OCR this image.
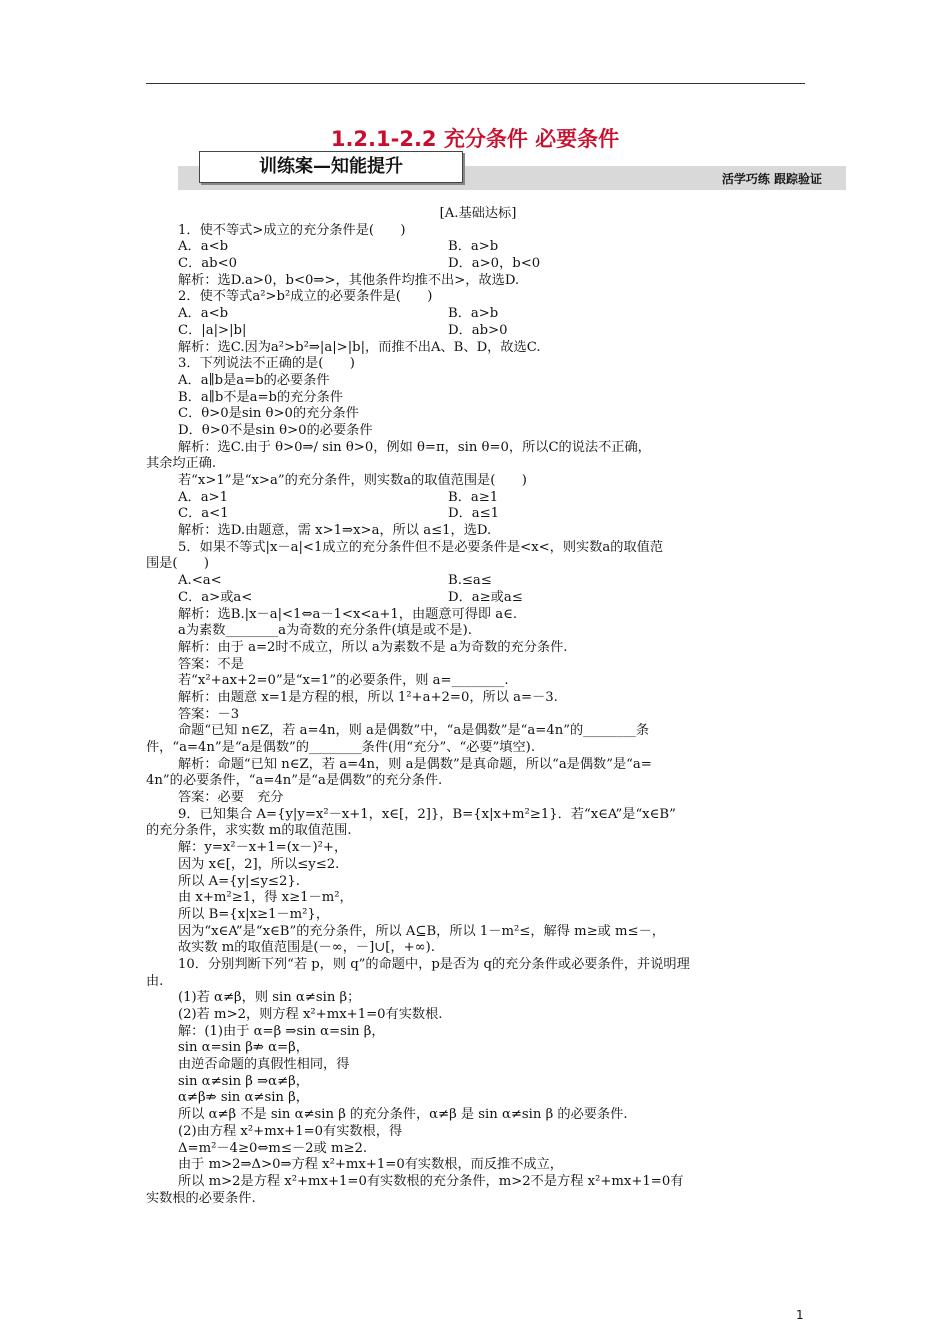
1.2.1-2.2 充分条件 必要条件
活学巧练 跟踪验证
训练案—知能提升
[A.基础达标]
1．使不等式>成立的充分条件是(　　)
A．a<b	B．a>b
C．ab<0	D．a>0，b<0
解析：选D.a>0，b<0⇒>，其他条件均推不出>，故选D.
2．使不等式a²>b²成立的必要条件是(　　)
A．a<b	B．a>b
C．|a|>|b|	D．ab>0
解析：选C.因为a²>b²⇒|a|>|b|，而推不出A、B、D，故选C.
3．下列说法不正确的是(　　)
A．a∥b是a=b的必要条件
B．a∥b不是a=b的充分条件
C．θ>0是sin θ>0的充分条件
D．θ>0不是sin θ>0的必要条件
解析：选C.由于 θ>0⇒/ sin θ>0，例如 θ=π，sin θ=0，所以C的说法不正确，
其余均正确.
若“x>1”是“x>a”的充分条件，则实数a的取值范围是(　　)
A．a>1	B．a≥1
C．a<1	D．a≤1
解析：选D.由题意，需 x>1⇒x>a，所以 a≤1，选D.
5．如果不等式|x－a|<1成立的充分条件但不是必要条件是<x<，则实数a的取值范
围是(　　)
A.<a<	B.≤a≤
C．a>或a<	D．a≥或a≤
解析：选B.|x－a|<1⇔a－1<x<a+1，由题意可得即 a∈.
a为素数________a为奇数的充分条件(填是或不是).
解析：由于 a=2时不成立，所以 a为素数不是 a为奇数的充分条件.
答案：不是
若“x²+ax+2=0”是“x=1”的必要条件，则 a=________.
解析：由题意 x=1是方程的根，所以 1²+a+2=0，所以 a=－3.
答案：－3
命题“已知 n∈Z，若 a=4n，则 a是偶数”中，“a是偶数”是“a=4n”的________条
件，“a=4n”是“a是偶数”的________条件(用“充分”、“必要”填空).
解析：命题“已知 n∈Z，若 a=4n，则 a是偶数”是真命题，所以“a是偶数”是“a=
4n”的必要条件，“a=4n”是“a是偶数”的充分条件.
答案：必要　充分
9．已知集合 A={y|y=x²－x+1，x∈[，2]}，B={x|x+m²≥1}．若“x∈A”是“x∈B”
的充分条件，求实数 m的取值范围.
解：y=x²－x+1=(x－)²+，
因为 x∈[，2]，所以≤y≤2.
所以 A={y|≤y≤2}.
由 x+m²≥1，得 x≥1－m²，
所以 B={x|x≥1－m²}，
因为“x∈A”是“x∈B”的充分条件，所以 A⊆B，所以 1－m²≤，解得 m≥或 m≤－，
故实数 m的取值范围是(－∞，－]∪[，+∞).
10．分别判断下列“若 p，则 q”的命题中，p是否为 q的充分条件或必要条件，并说明理
由.
(1)若 α≠β，则 sin α≠sin β；
(2)若 m>2，则方程 x²+mx+1=0有实数根.
解：(1)由于 α=β ⇒sin α=sin β，
sin α=sin β⇏ α=β，
由逆否命题的真假性相同，得
sin α≠sin β ⇒α≠β，
α≠β⇏ sin α≠sin β，
所以 α≠β 不是 sin α≠sin β 的充分条件，α≠β 是 sin α≠sin β 的必要条件.
(2)由方程 x²+mx+1=0有实数根，得
Δ=m²－4≥0⇔m≤－2或 m≥2.
由于 m>2⇒Δ>0⇒方程 x²+mx+1=0有实数根，而反推不成立，
所以 m>2是方程 x²+mx+1=0有实数根的充分条件，m>2不是方程 x²+mx+1=0有
实数根的必要条件.
1
